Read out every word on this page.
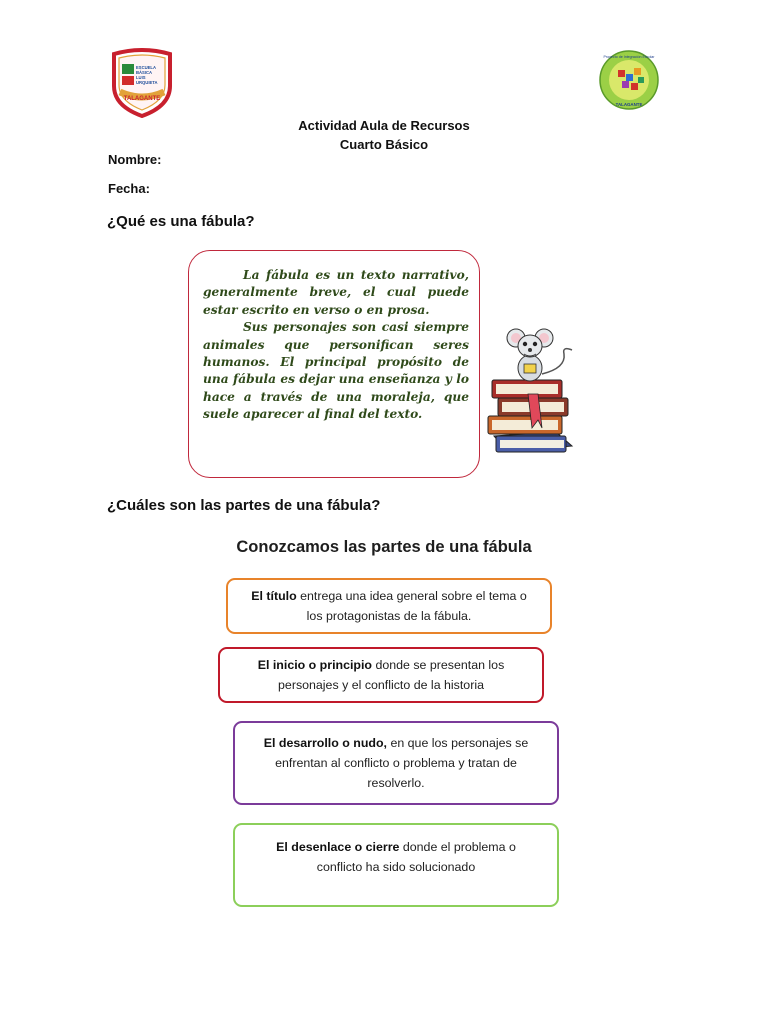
ESCUELA
BÁSICA
LUIS
URQUIETA
TALAGANTE
Proyecto de Integración Escolar
TALAGANTE
Actividad Aula de Recursos
Cuarto Básico
Nombre:
Fecha:
¿Qué es una fábula?

La fábula es un texto narrativo, generalmente breve, el cual puede estar escrito en verso o en prosa.

Sus personajes son casi siempre animales que personifican seres humanos. El principal propósito de una fábula es dejar una enseñanza y lo hace a través de una moraleja, que suele aparecer al final del texto.

¿Cuáles son las partes de una fábula?
Conozcamos las partes de una fábula
El título entrega una idea general sobre el tema o
los protagonistas de la fábula.
El inicio o principio donde se presentan los
personajes y el conflicto de la historia
El desarrollo o nudo, en que los personajes se
enfrentan al conflicto o problema y tratan de
resolverlo.
El desenlace o cierre donde el problema o
conflicto ha sido solucionado
